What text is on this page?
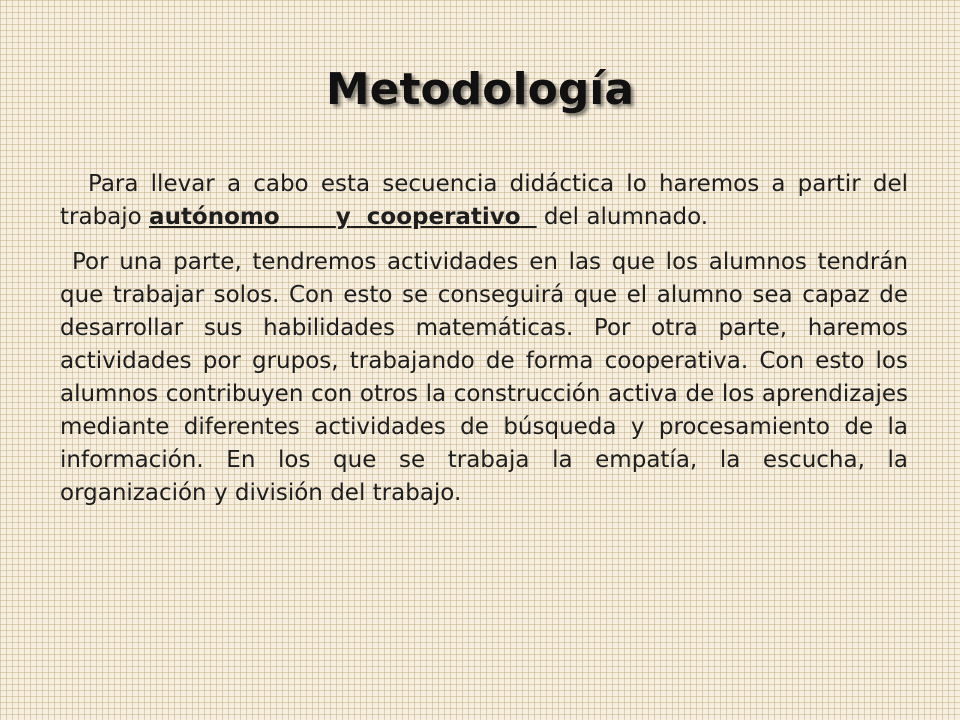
Metodología

Para llevar a cabo esta secuencia didáctica lo haremos a partir del trabajo autónomo y cooperativo   del alumnado.

Por una parte, tendremos actividades en las que los alumnos tendrán que trabajar solos. Con esto se conseguirá que el alumno sea capaz de desarrollar sus habilidades matemáticas. Por otra parte, haremos actividades por grupos, trabajando de forma cooperativa. Con esto los alumnos contribuyen con otros la construcción activa de los aprendizajes mediante diferentes actividades de búsqueda y procesamiento de la información. En los que se trabaja la empatía, la escucha, la organización y división del trabajo.
